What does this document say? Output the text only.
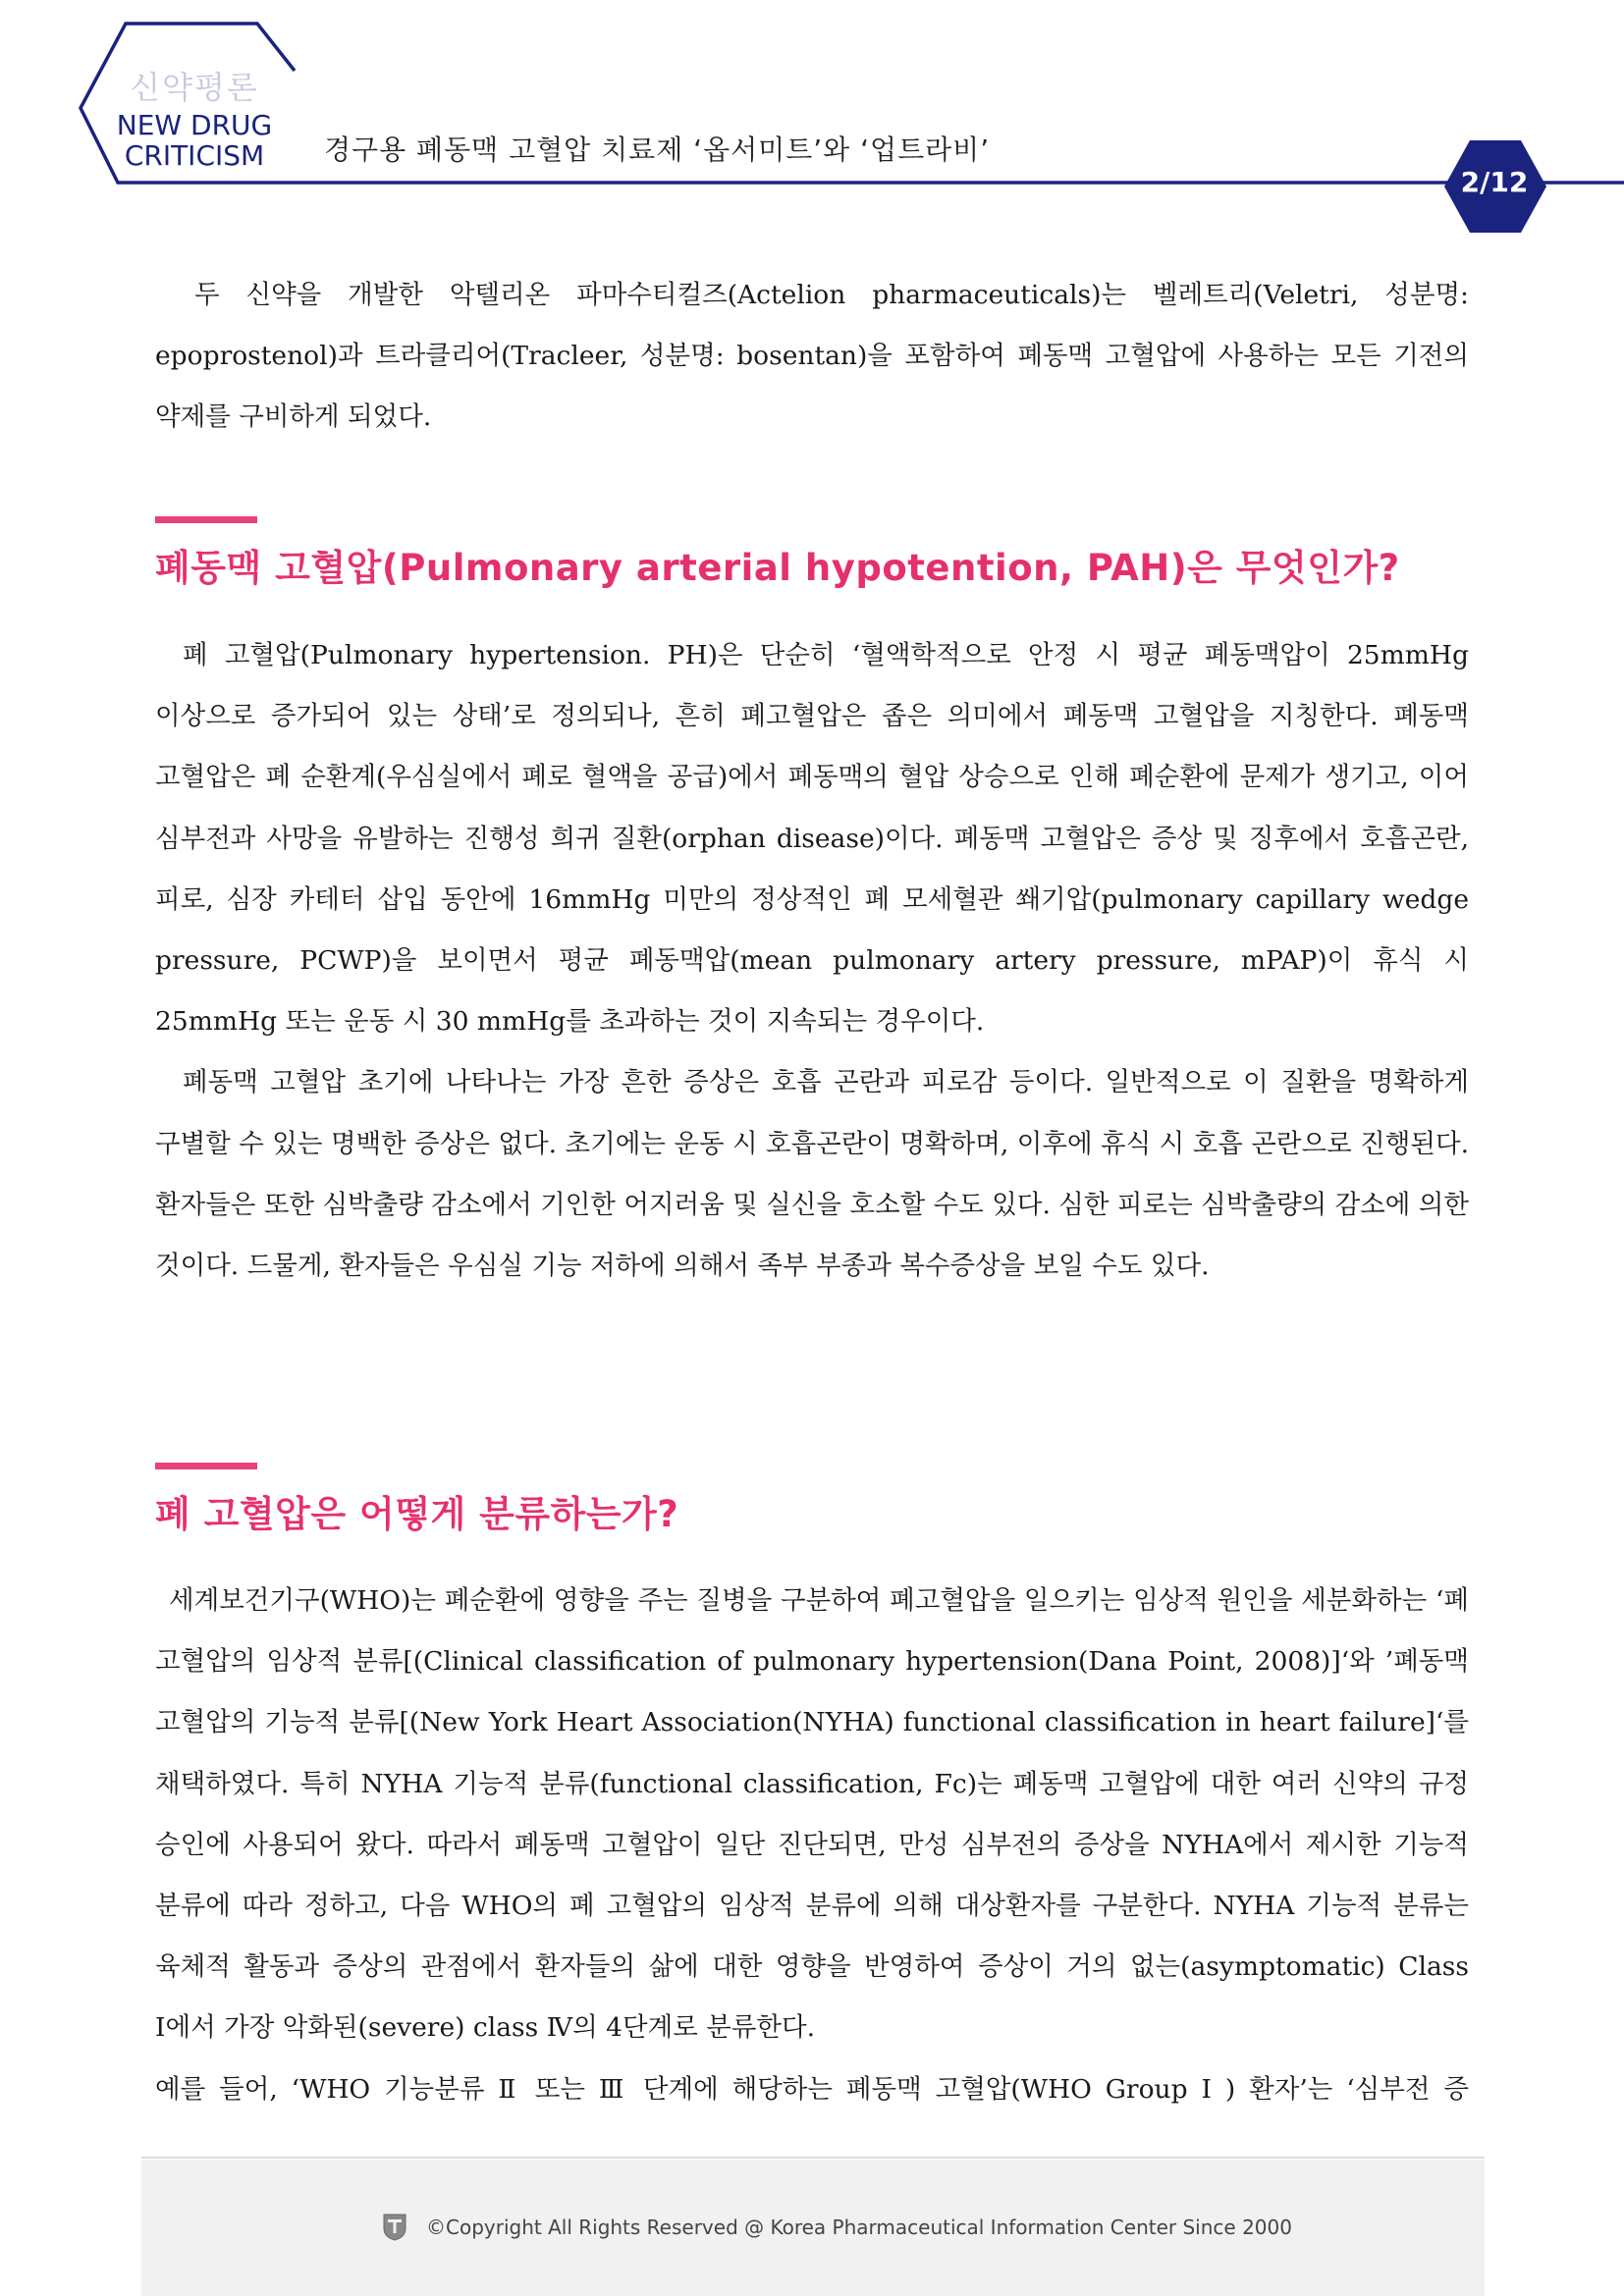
신약평론
NEW DRUG
CRITICISM 경구용 폐동맥 고혈압 치료제 ‘옵서미트’와 ‘업트라비’
2/12

두 신약을 개발한 악텔리온 파마수티컬즈(Actelion pharmaceuticals)는 벨레트리(Veletri, 성분명: epoprostenol)과 트라클리어(Tracleer, 성분명: bosentan)을 포함하여 폐동맥 고혈압에 사용하는 모든 기전의 약제를 구비하게 되었다.

폐동맥 고혈압(Pulmonary arterial hypotention, PAH)은 무엇인가?

폐 고혈압(Pulmonary hypertension. PH)은 단순히 ‘혈액학적으로 안정 시 평균 폐동맥압이 25mmHg 이상으로 증가되어 있는 상태’로 정의되나, 흔히 폐고혈압은 좁은 의미에서 폐동맥 고혈압을 지칭한다. 폐동맥 고혈압은 폐 순환계(우심실에서 폐로 혈액을 공급)에서 폐동맥의 혈압 상승으로 인해 폐순환에 문제가 생기고, 이어 심부전과 사망을 유발하는 진행성 희귀 질환(orphan disease)이다. 폐동맥 고혈압은 증상 및 징후에서 호흡곤란, 피로, 심장 카테터 삽입 동안에 16mmHg 미만의 정상적인 폐 모세혈관 쐐기압(pulmonary capillary wedge pressure, PCWP)을 보이면서 평균 폐동맥압(mean pulmonary artery pressure, mPAP)이 휴식 시 25mmHg 또는 운동 시 30 mmHg를 초과하는 것이 지속되는 경우이다.

폐동맥 고혈압 초기에 나타나는 가장 흔한 증상은 호흡 곤란과 피로감 등이다. 일반적으로 이 질환을 명확하게 구별할 수 있는 명백한 증상은 없다. 초기에는 운동 시 호흡곤란이 명확하며, 이후에 휴식 시 호흡 곤란으로 진행된다. 환자들은 또한 심박출량 감소에서 기인한 어지러움 및 실신을 호소할 수도 있다. 심한 피로는 심박출량의 감소에 의한 것이다. 드물게, 환자들은 우심실 기능 저하에 의해서 족부 부종과 복수증상을 보일 수도 있다.

폐 고혈압은 어떻게 분류하는가?

세계보건기구(WHO)는 폐순환에 영향을 주는 질병을 구분하여 폐고혈압을 일으키는 임상적 원인을 세분화하는 ‘폐 고혈압의 임상적 분류[(Clinical classification of pulmonary hypertension(Dana Point, 2008)]‘와 ’폐동맥 고혈압의 기능적 분류[(New York Heart Association(NYHA) functional classification in heart failure]‘를 채택하였다. 특히 NYHA 기능적 분류(functional classification, Fc)는 폐동맥 고혈압에 대한 여러 신약의 규정 승인에 사용되어 왔다. 따라서 폐동맥 고혈압이 일단 진단되면, 만성 심부전의 증상을 NYHA에서 제시한 기능적 분류에 따라 정하고, 다음 WHO의 폐 고혈압의 임상적 분류에 의해 대상환자를 구분한다. NYHA 기능적 분류는 육체적 활동과 증상의 관점에서 환자들의 삶에 대한 영향을 반영하여 증상이 거의 없는(asymptomatic) Class Ⅰ에서 가장 악화된(severe) class Ⅳ의 4단계로 분류한다.

예를 들어, ‘WHO 기능분류 Ⅱ 또는 Ⅲ 단계에 해당하는 폐동맥 고혈압(WHO Group I ) 환자’는 ‘심부전 증

©Copyright All Rights Reserved @ Korea Pharmaceutical Information Center Since 2000
